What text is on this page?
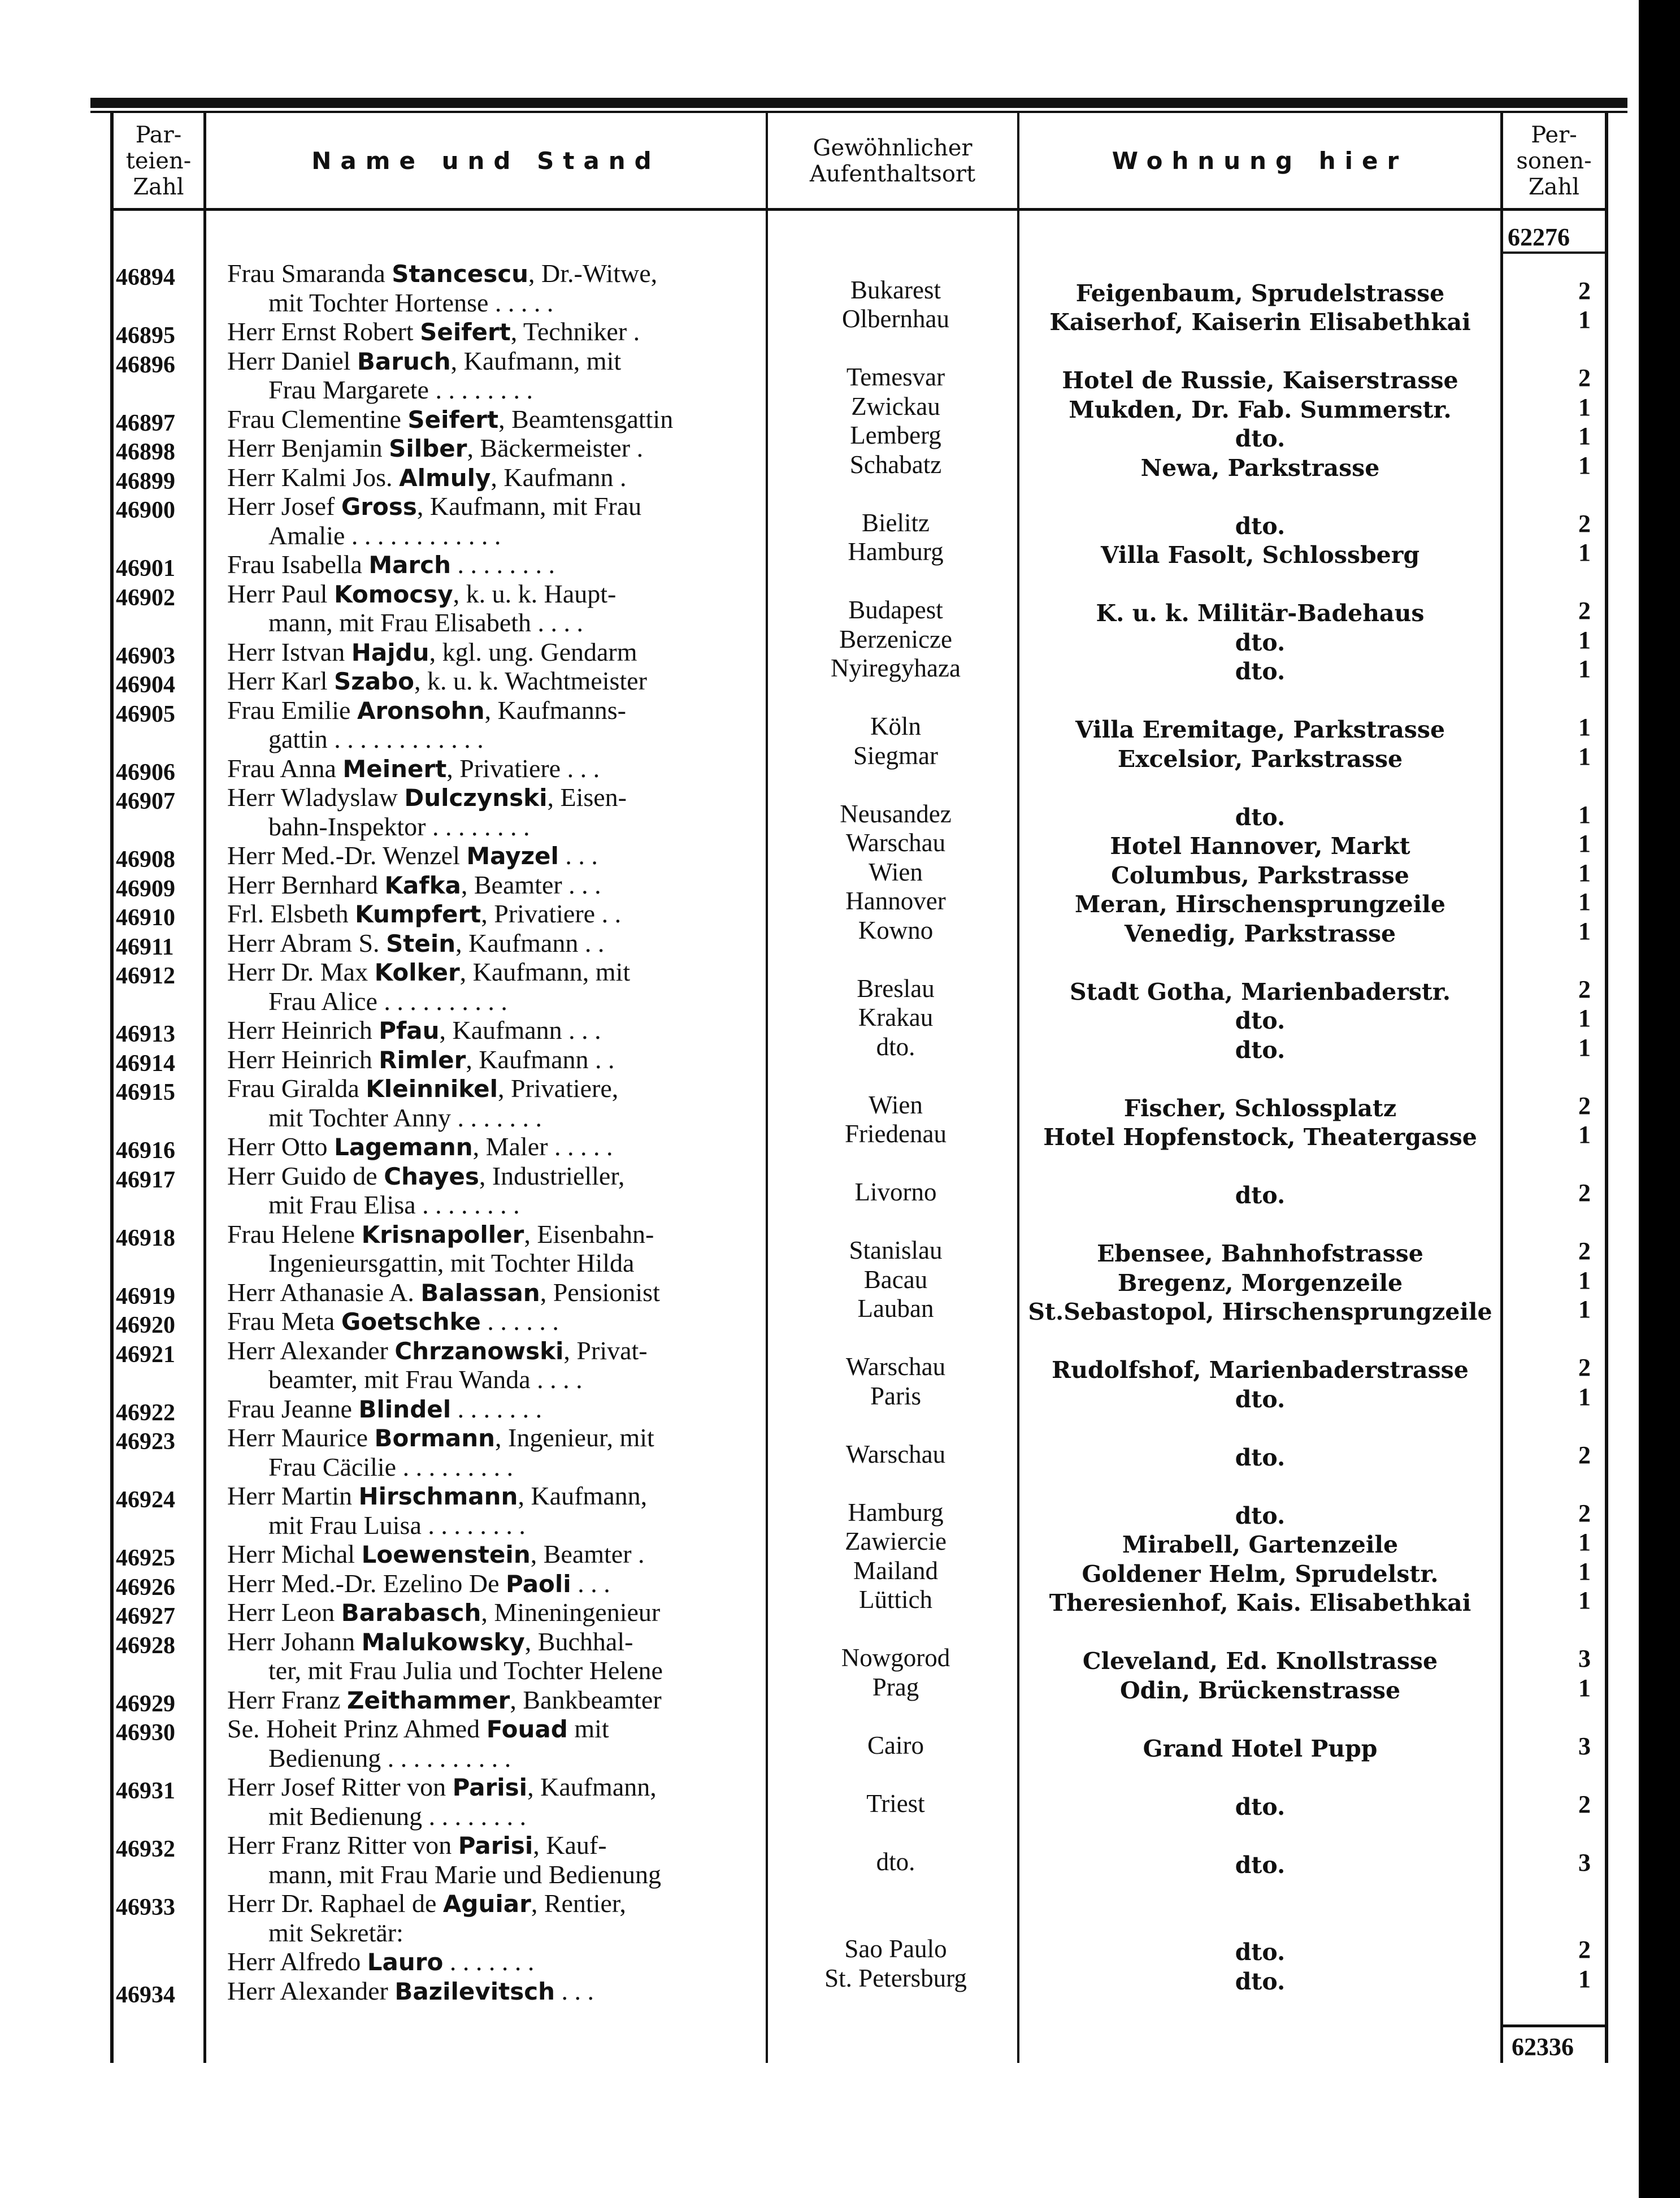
Par-
teien-
Zahl
Name und Stand	Gewöhnlicher
Aufenthaltsort	Wohnung hier
Per-
sonen-
Zahl
62276
62336
46894 Frau Smaranda Stancescu, Dr.-Witwe,
mit Tochter Hortense . . . . .	Bukarest	Feigenbaum, Sprudelstrasse	2
46895 Herr Ernst Robert Seifert, Techniker .	Olbernhau	Kaiserhof, Kaiserin Elisabethkai	1
46896 Herr Daniel Baruch, Kaufmann, mit
Frau Margarete . . . . . . . .	Temesvar	Hotel de Russie, Kaiserstrasse	2
46897 Frau Clementine Seifert, Beamtensgattin	Zwickau	Mukden, Dr. Fab. Summerstr.	1
46898 Herr Benjamin Silber, Bäckermeister .	Lemberg	dto.	1
46899 Herr Kalmi Jos. Almuly, Kaufmann .	Schabatz	Newa, Parkstrasse	1
46900 Herr Josef Gross, Kaufmann, mit Frau
Amalie . . . . . . . . . . . .	Bielitz	dto.	2
46901 Frau Isabella March . . . . . . . .	Hamburg	Villa Fasolt, Schlossberg	1
46902 Herr Paul Komocsy, k. u. k. Haupt-
mann, mit Frau Elisabeth . . . .	Budapest	K. u. k. Militär-Badehaus	2
46903 Herr Istvan Hajdu, kgl. ung. Gendarm	Berzenicze	dto.	1
46904 Herr Karl Szabo, k. u. k. Wachtmeister	Nyiregyhaza	dto.	1
46905 Frau Emilie Aronsohn, Kaufmanns-
gattin . . . . . . . . . . . .	Köln	Villa Eremitage, Parkstrasse	1
46906 Frau Anna Meinert, Privatiere . . .	Siegmar	Excelsior, Parkstrasse	1
46907 Herr Wladyslaw Dulczynski, Eisen-
bahn-Inspektor . . . . . . . .	Neusandez	dto.	1
46908 Herr Med.-Dr. Wenzel Mayzel . . .	Warschau	Hotel Hannover, Markt	1
46909 Herr Bernhard Kafka, Beamter . . .	Wien	Columbus, Parkstrasse	1
46910 Frl. Elsbeth Kumpfert, Privatiere . .	Hannover	Meran, Hirschensprungzeile	1
46911 Herr Abram S. Stein, Kaufmann . .	Kowno	Venedig, Parkstrasse	1
46912 Herr Dr. Max Kolker, Kaufmann, mit
Frau Alice . . . . . . . . . .	Breslau	Stadt Gotha, Marienbaderstr.	2
46913 Herr Heinrich Pfau, Kaufmann . . .	Krakau	dto.	1
46914 Herr Heinrich Rimler, Kaufmann . .	dto.	dto.	1
46915 Frau Giralda Kleinnikel, Privatiere,
mit Tochter Anny . . . . . . .	Wien	Fischer, Schlossplatz	2
46916 Herr Otto Lagemann, Maler . . . . .	Friedenau	Hotel Hopfenstock, Theatergasse	1
46917 Herr Guido de Chayes, Industrieller,
mit Frau Elisa . . . . . . . .	Livorno	dto.	2
46918 Frau Helene Krisnapoller, Eisenbahn-
Ingenieursgattin, mit Tochter Hilda	Stanislau	Ebensee, Bahnhofstrasse	2
46919 Herr Athanasie A. Balassan, Pensionist	Bacau	Bregenz, Morgenzeile	1
46920 Frau Meta Goetschke . . . . . .	Lauban	St.Sebastopol, Hirschensprungzeile	1
46921 Herr Alexander Chrzanowski, Privat-
beamter, mit Frau Wanda . . . .	Warschau	Rudolfshof, Marienbaderstrasse	2
46922 Frau Jeanne Blindel . . . . . . .	Paris	dto.	1
46923 Herr Maurice Bormann, Ingenieur, mit
Frau Cäcilie . . . . . . . . .	Warschau	dto.	2
46924 Herr Martin Hirschmann, Kaufmann,
mit Frau Luisa . . . . . . . .	Hamburg	dto.	2
46925 Herr Michal Loewenstein, Beamter .	Zawiercie	Mirabell, Gartenzeile	1
46926 Herr Med.-Dr. Ezelino De Paoli . . .	Mailand	Goldener Helm, Sprudelstr.	1
46927 Herr Leon Barabasch, Mineningenieur	Lüttich	Theresienhof, Kais. Elisabethkai	1
46928 Herr Johann Malukowsky, Buchhal-
ter, mit Frau Julia und Tochter Helene	Nowgorod	Cleveland, Ed. Knollstrasse	3
46929 Herr Franz Zeithammer, Bankbeamter	Prag	Odin, Brückenstrasse	1
46930 Se. Hoheit Prinz Ahmed Fouad mit
Bedienung . . . . . . . . . .	Cairo	Grand Hotel Pupp	3
46931 Herr Josef Ritter von Parisi, Kaufmann,
mit Bedienung . . . . . . . .	Triest	dto.	2
46932 Herr Franz Ritter von Parisi, Kauf-
mann, mit Frau Marie und Bedienung	dto.	dto.	3
46933 Herr Dr. Raphael de Aguiar, Rentier,
mit Sekretär:
Herr Alfredo Lauro . . . . . . .	Sao Paulo	dto.	2
46934 Herr Alexander Bazilevitsch . . .	St. Petersburg	dto.	1
